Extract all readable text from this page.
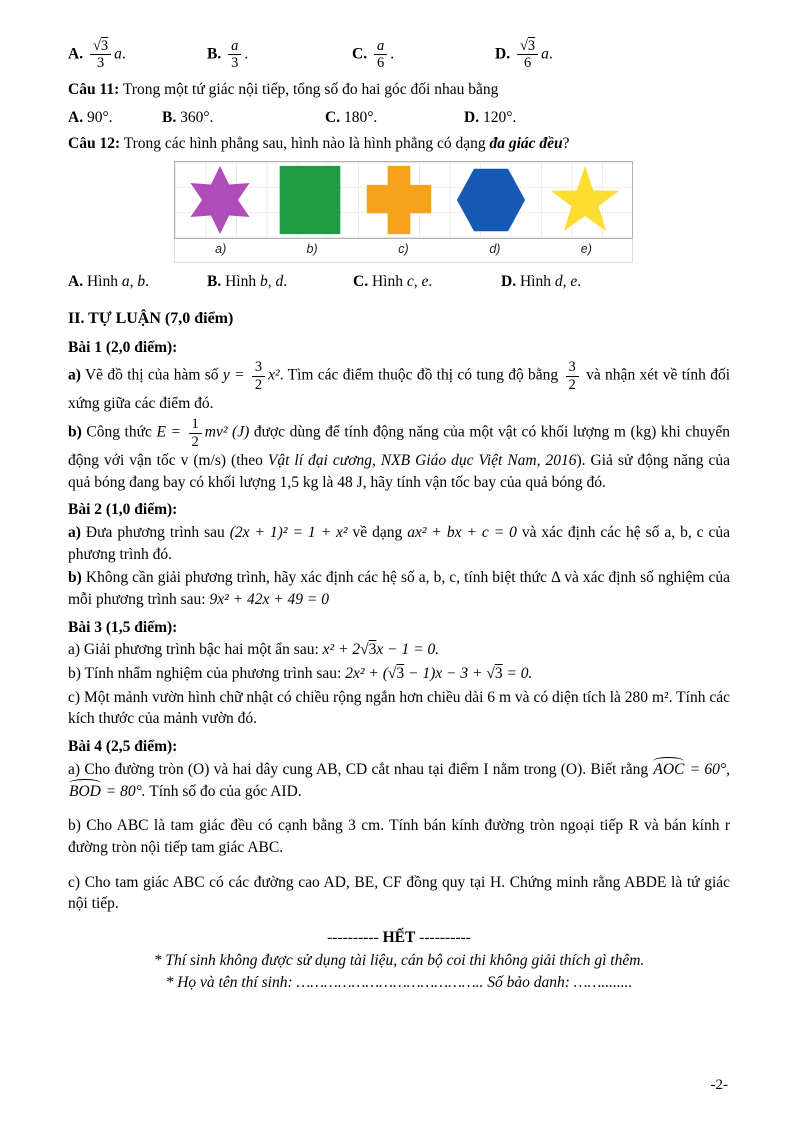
A. $\frac{√3}{3} a$.	B. $\frac{a}{3}$ .	C. $\frac{a}{6}$ .	D. $\frac{√3}{6} a$.

Câu 11: Trong một tứ giác nội tiếp, tổng số đo hai góc đối nhau bằng

A. 90°.	B. 360°.	C. 180°.	D. 120°.

Câu 12: Trong các hình phẳng sau, hình nào là hình phẳng có dạng đa giác đều?

a)	b)	c)	d)	e)
A. Hình a, b.	B. Hình b, d.	C. Hình c, e.	D. Hình d, e.

II. TỰ LUẬN (7,0 điểm)

Bài 1 (2,0 điểm):

a) Vẽ đồ thị của hàm số $y = \frac{3}{2} x^2$. Tìm các điểm thuộc đồ thị có tung độ bằng $\frac{3}{2}$ và nhận xét về tính đối xứng giữa các điểm đó.

b) Công thức $E = \frac{1}{2} mv^2$ (J) được dùng để tính động năng của một vật có khối lượng m (kg) khi chuyển động với vận tốc v (m/s) (theo Vật lí đại cương, NXB Giáo dục Việt Nam, 2016). Giả sử động năng của quả bóng đang bay có khối lượng 1,5 kg là 48 J, hãy tính vận tốc bay của quả bóng đó.

Bài 2 (1,0 điểm):

a) Đưa phương trình sau (2x + 1)² = 1 + x² về dạng ax² + bx + c = 0 và xác định các hệ số a, b, c của phương trình đó.

b) Không cần giải phương trình, hãy xác định các hệ số a, b, c, tính biệt thức Δ và xác định số nghiệm của mỗi phương trình sau: 9x² + 42x + 49 = 0

Bài 3 (1,5 điểm):

a) Giải phương trình bậc hai một ẩn sau: x² + 2√3x − 1 = 0.

b) Tính nhẩm nghiệm của phương trình sau: 2x² + (√3 − 1)x − 3 + √3 = 0.

c) Một mảnh vườn hình chữ nhật có chiều rộng ngắn hơn chiều dài 6 m và có diện tích là 280 m². Tính các kích thước của mảnh vườn đó.

Bài 4 (2,5 điểm):

a) Cho đường tròn (O) và hai dây cung AB, CD cắt nhau tại điểm I nằm trong (O). Biết rằng AOC = 60°, BOD = 80°. Tính số đo của góc AID.

b) Cho ABC là tam giác đều có cạnh bằng 3 cm. Tính bán kính đường tròn ngoại tiếp R và bán kính r đường tròn nội tiếp tam giác ABC.

c) Cho tam giác ABC có các đường cao AD, BE, CF đồng quy tại H. Chứng minh rằng ABDE là tứ giác nội tiếp.

---------- HẾT ----------

* Thí sinh không được sử dụng tài liệu, cán bộ coi thi không giải thích gì thêm.

* Họ và tên thí sinh: ………………………………….. Số bảo danh: ……........

-2-
